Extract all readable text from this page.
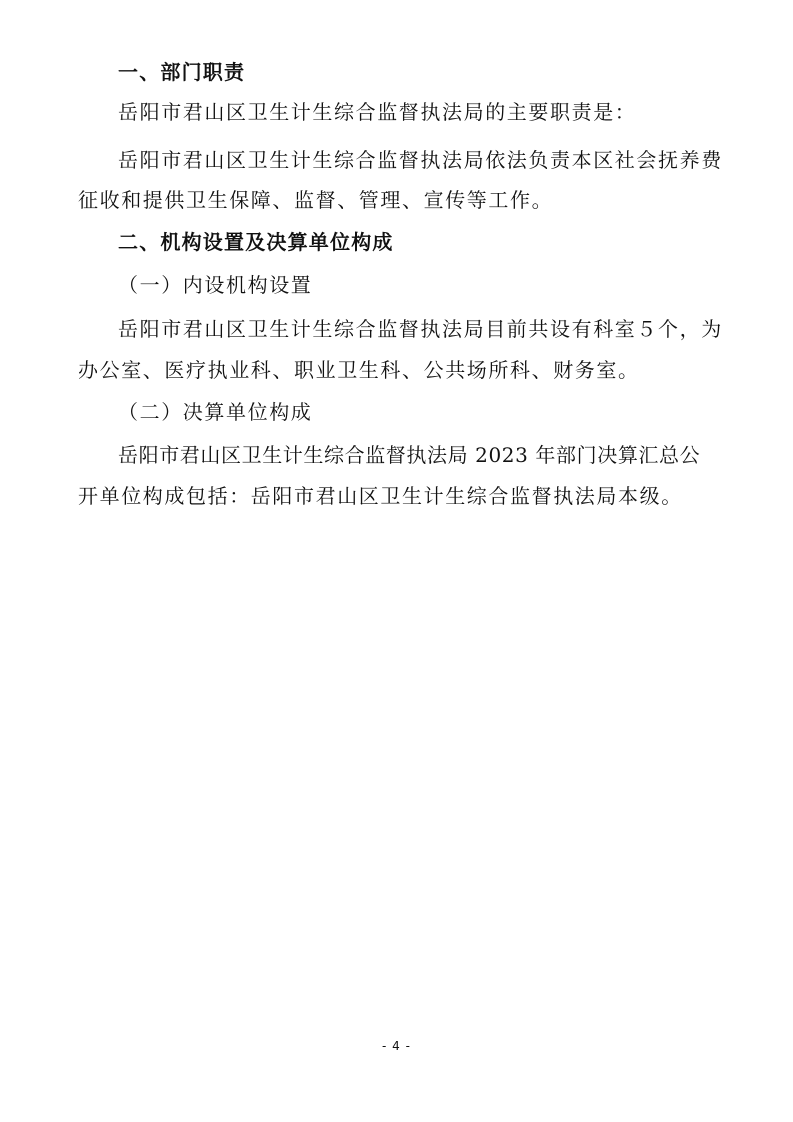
一、部门职责
岳阳市君山区卫生计生综合监督执法局的主要职责是：
岳阳市君山区卫生计生综合监督执法局依法负责本区社会抚养费
征收和提供卫生保障、监督、管理、宣传等工作。
二、机构设置及决算单位构成
（一）内设机构设置
岳阳市君山区卫生计生综合监督执法局目前共设有科室５个，为
办公室、医疗执业科、职业卫生科、公共场所科、财务室。
（二）决算单位构成
岳阳市君山区卫生计生综合监督执法局 2023 年部门决算汇总公
开单位构成包括：岳阳市君山区卫生计生综合监督执法局本级。
- 4 -
